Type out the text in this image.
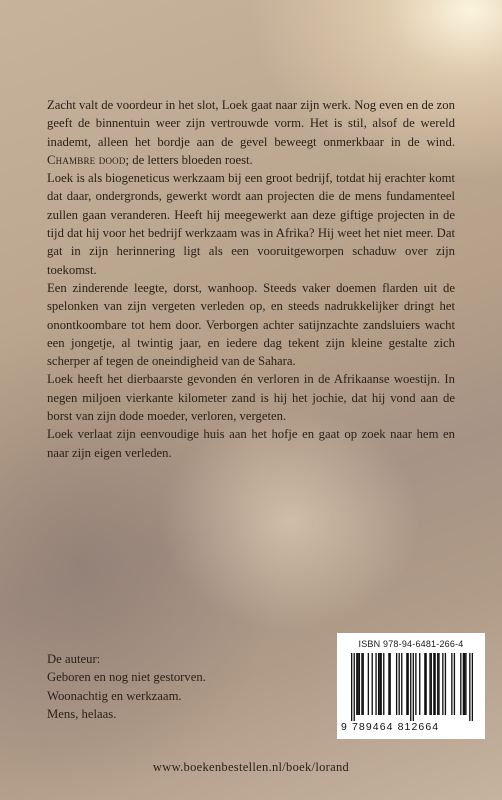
Zacht valt de voordeur in het slot, Loek gaat naar zijn werk. Nog even en de zon geeft de binnentuin weer zijn vertrouwde vorm. Het is stil, alsof de wereld inademt, alleen het bordje aan de gevel beweegt onmerkbaar in de wind. Chambre dood; de letters bloeden roest.

Loek is als biogeneticus werkzaam bij een groot bedrijf, totdat hij erachter komt dat daar, ondergronds, gewerkt wordt aan projecten die de mens fundamenteel zullen gaan veranderen. Heeft hij meegewerkt aan deze giftige projecten in de tijd dat hij voor het bedrijf werkzaam was in Afrika? Hij weet het niet meer. Dat gat in zijn herinnering ligt als een vooruitgeworpen schaduw over zijn toekomst.

Een zinderende leegte, dorst, wanhoop. Steeds vaker doemen flarden uit de spelonken van zijn vergeten verleden op, en steeds nadrukkelijker dringt het onontkoombare tot hem door. Verborgen achter satijnzachte zandsluiers wacht een jongetje, al twintig jaar, en iedere dag tekent zijn kleine gestalte zich scherper af tegen de oneindigheid van de Sahara.

Loek heeft het dierbaarste gevonden én verloren in de Afrikaanse woestijn. In negen miljoen vierkante kilometer zand is hij het jochie, dat hij vond aan de borst van zijn dode moeder, verloren, vergeten.

Loek verlaat zijn eenvoudige huis aan het hofje en gaat op zoek naar hem en naar zijn eigen verleden.

De auteur:
Geboren en nog niet gestorven.
Woonachtig en werkzaam.
Mens, helaas.
ISBN 978-94-6481-266-4
9 789464 812664
www.boekenbestellen.nl/boek/lorand
